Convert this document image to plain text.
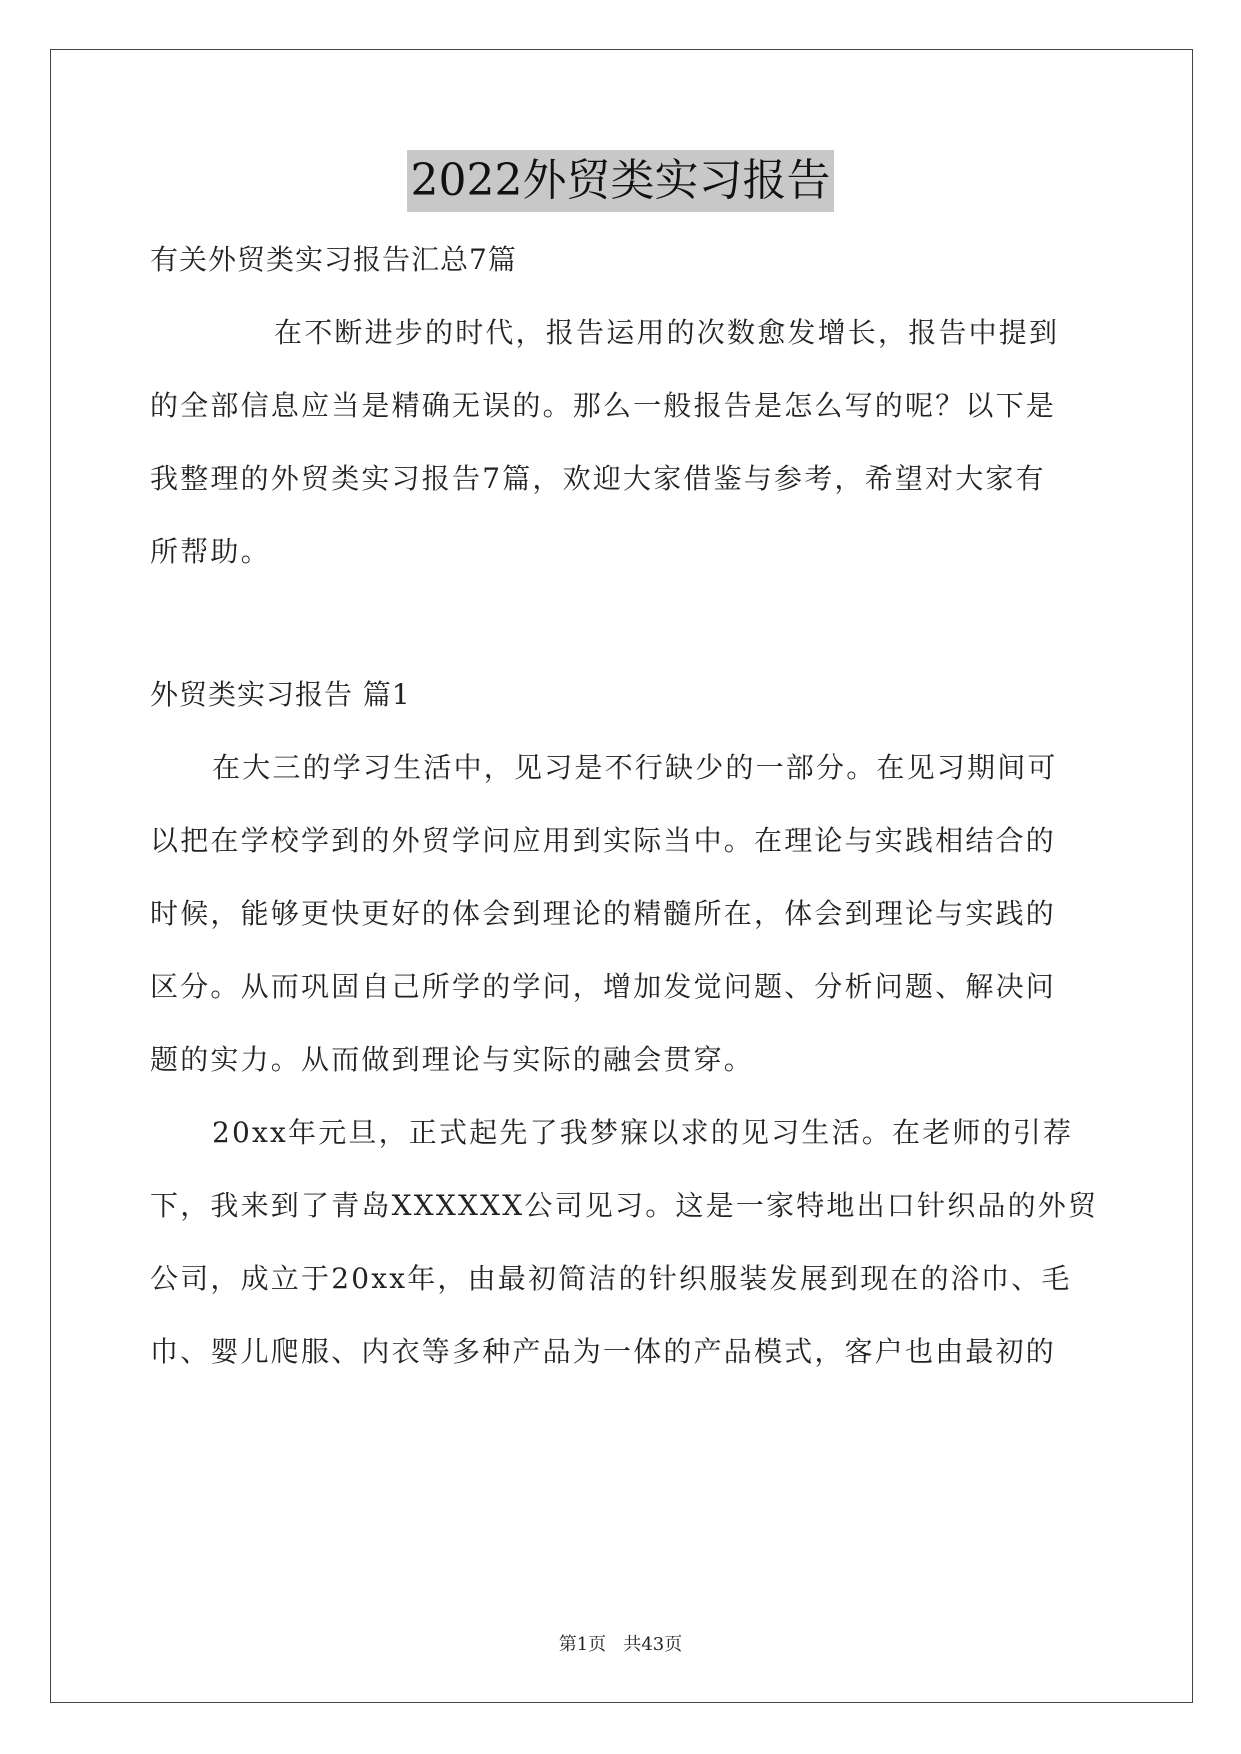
2022外贸类实习报告
有关外贸类实习报告汇总7篇
在不断进步的时代，报告运用的次数愈发增长，报告中提到
的全部信息应当是精确无误的。那么一般报告是怎么写的呢？以下是
我整理的外贸类实习报告7篇，欢迎大家借鉴与参考，希望对大家有
所帮助。
外贸类实习报告 篇1
在大三的学习生活中，见习是不行缺少的一部分。在见习期间可
以把在学校学到的外贸学问应用到实际当中。在理论与实践相结合的
时候，能够更快更好的体会到理论的精髓所在，体会到理论与实践的
区分。从而巩固自己所学的学问，增加发觉问题、分析问题、解决问
题的实力。从而做到理论与实际的融会贯穿。
20xx年元旦，正式起先了我梦寐以求的见习生活。在老师的引荐
下，我来到了青岛XXXXXX公司见习。这是一家特地出口针织品的外贸
公司，成立于20xx年，由最初简洁的针织服装发展到现在的浴巾、毛
巾、婴儿爬服、内衣等多种产品为一体的产品模式，客户也由最初的
第1页   共43页
